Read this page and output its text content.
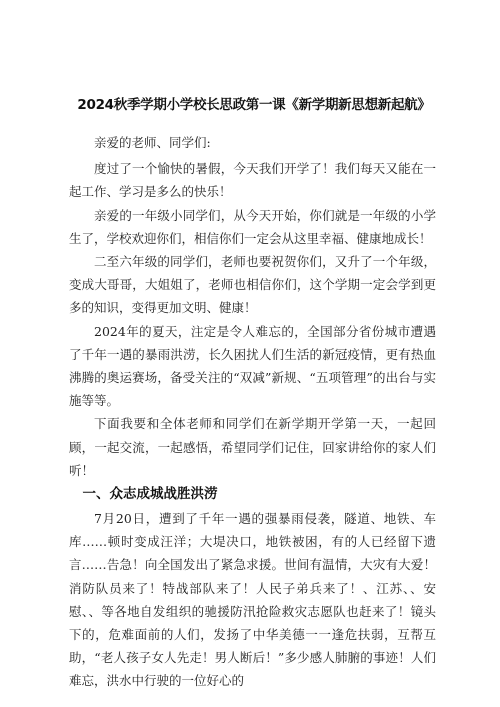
2024秋季学期小学校长思政第一课《新学期新思想新起航》

亲爱的老师、同学们:

度过了一个愉快的暑假，今天我们开学了！我们每天又能在一起工作、学习是多么的快乐！

亲爱的一年级小同学们，从今天开始，你们就是一年级的小学生了，学校欢迎你们，相信你们一定会从这里幸福、健康地成长！

二至六年级的同学们，老师也要祝贺你们，又升了一个年级，变成大哥哥，大姐姐了，老师也相信你们，这个学期一定会学到更多的知识，变得更加文明、健康！

2024年的夏天，注定是令人难忘的，全国部分省份城市遭遇了千年一遇的暴雨洪涝，长久困扰人们生活的新冠疫情，更有热血沸腾的奥运赛场，备受关注的“双减”新规、“五项管理”的出台与实施等等。

下面我要和全体老师和同学们在新学期开学第一天，一起回顾，一起交流，一起感悟，希望同学们记住，回家讲给你的家人们听！

一、众志成城战胜洪涝

7月20日，遭到了千年一遇的强暴雨侵袭，隧道、地铁、车库……顿时变成汪洋；大堤决口，地铁被困，有的人已经留下遗言……告急！向全国发出了紧急求援。世间有温情，大灾有大爱！消防队员来了！特战部队来了！人民子弟兵来了！、江苏、、安慰、、等各地自发组织的驰援防汛抢险救灾志愿队也赶来了！镜头下的，危难面前的人们，发扬了中华美德一一逢危扶弱，互帮互助，“老人孩子女人先走！男人断后！”多少感人肺腑的事迹！人们难忘，洪水中行驶的一位好心的
